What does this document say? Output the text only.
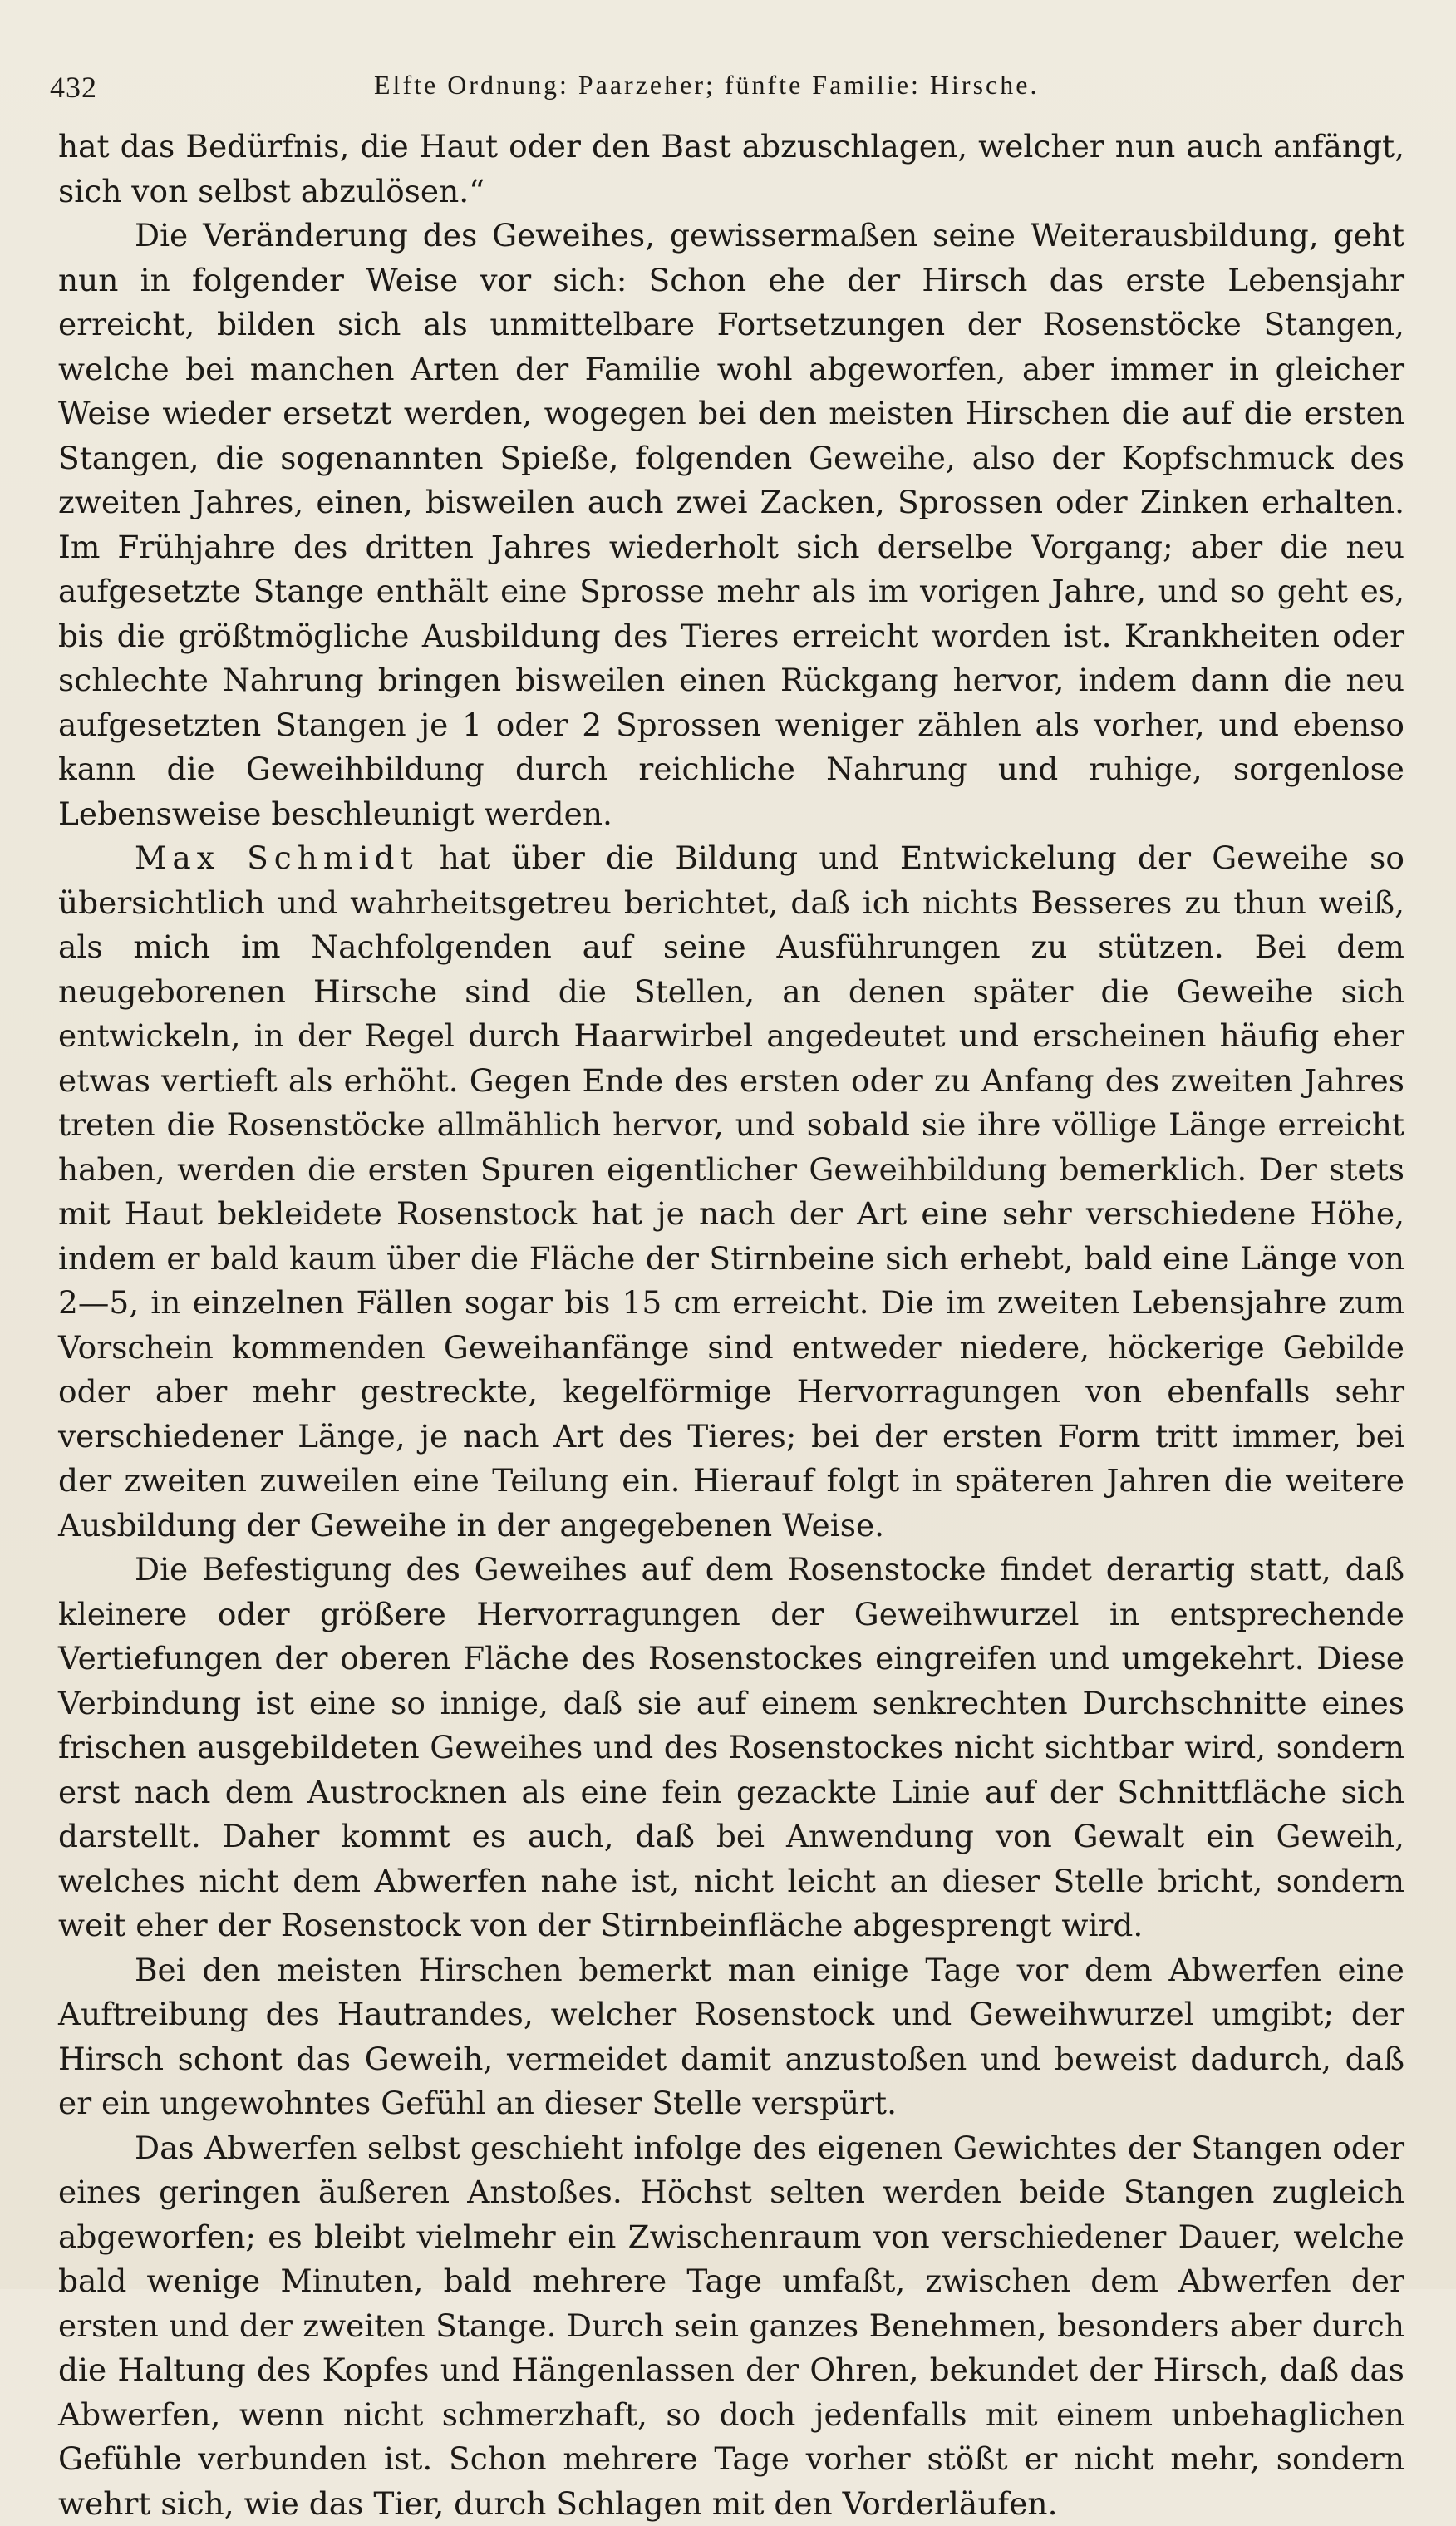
432	Elfte Ordnung: Paarzeher; fünfte Familie: Hirsche.

hat das Bedürfnis, die Haut oder den Bast abzuschlagen, welcher nun auch anfängt, sich von selbst abzulösen.“

Die Veränderung des Geweihes, gewissermaßen seine Weiterausbildung, geht nun in folgender Weise vor sich: Schon ehe der Hirsch das erste Lebensjahr erreicht, bilden sich als unmittelbare Fortsetzungen der Rosenstöcke Stangen, welche bei manchen Arten der Familie wohl abgeworfen, aber immer in gleicher Weise wieder ersetzt werden, wogegen bei den meisten Hirschen die auf die ersten Stangen, die sogenannten Spieße, folgenden Geweihe, also der Kopfschmuck des zweiten Jahres, einen, bisweilen auch zwei Zacken, Sprossen oder Zinken erhalten. Im Frühjahre des dritten Jahres wiederholt sich derselbe Vorgang; aber die neu aufgesetzte Stange enthält eine Sprosse mehr als im vorigen Jahre, und so geht es, bis die größtmögliche Ausbildung des Tieres erreicht worden ist. Krankheiten oder schlechte Nahrung bringen bisweilen einen Rückgang hervor, indem dann die neu aufgesetzten Stangen je 1 oder 2 Sprossen weniger zählen als vorher, und ebenso kann die Geweihbildung durch reichliche Nahrung und ruhige, sorgenlose Lebensweise beschleunigt werden.

Max Schmidt hat über die Bildung und Entwickelung der Geweihe so übersichtlich und wahrheitsgetreu berichtet, daß ich nichts Besseres zu thun weiß, als mich im Nachfolgenden auf seine Ausführungen zu stützen. Bei dem neugeborenen Hirsche sind die Stellen, an denen später die Geweihe sich entwickeln, in der Regel durch Haarwirbel angedeutet und erscheinen häufig eher etwas vertieft als erhöht. Gegen Ende des ersten oder zu Anfang des zweiten Jahres treten die Rosenstöcke allmählich hervor, und sobald sie ihre völlige Länge erreicht haben, werden die ersten Spuren eigentlicher Geweihbildung bemerklich. Der stets mit Haut bekleidete Rosenstock hat je nach der Art eine sehr verschiedene Höhe, indem er bald kaum über die Fläche der Stirnbeine sich erhebt, bald eine Länge von 2—5, in einzelnen Fällen sogar bis 15 cm erreicht. Die im zweiten Lebensjahre zum Vorschein kommenden Geweihanfänge sind entweder niedere, höckerige Gebilde oder aber mehr gestreckte, kegelförmige Hervorragungen von ebenfalls sehr verschiedener Länge, je nach Art des Tieres; bei der ersten Form tritt immer, bei der zweiten zuweilen eine Teilung ein. Hierauf folgt in späteren Jahren die weitere Ausbildung der Geweihe in der angegebenen Weise.

Die Befestigung des Geweihes auf dem Rosenstocke findet derartig statt, daß kleinere oder größere Hervorragungen der Geweihwurzel in entsprechende Vertiefungen der oberen Fläche des Rosenstockes eingreifen und umgekehrt. Diese Verbindung ist eine so innige, daß sie auf einem senkrechten Durchschnitte eines frischen ausgebildeten Geweihes und des Rosenstockes nicht sichtbar wird, sondern erst nach dem Austrocknen als eine fein gezackte Linie auf der Schnittfläche sich darstellt. Daher kommt es auch, daß bei Anwendung von Gewalt ein Geweih, welches nicht dem Abwerfen nahe ist, nicht leicht an dieser Stelle bricht, sondern weit eher der Rosenstock von der Stirnbeinfläche abgesprengt wird.

Bei den meisten Hirschen bemerkt man einige Tage vor dem Abwerfen eine Auftreibung des Hautrandes, welcher Rosenstock und Geweihwurzel umgibt; der Hirsch schont das Geweih, vermeidet damit anzustoßen und beweist dadurch, daß er ein ungewohntes Gefühl an dieser Stelle verspürt.

Das Abwerfen selbst geschieht infolge des eigenen Gewichtes der Stangen oder eines geringen äußeren Anstoßes. Höchst selten werden beide Stangen zugleich abgeworfen; es bleibt vielmehr ein Zwischenraum von verschiedener Dauer, welche bald wenige Minuten, bald mehrere Tage umfaßt, zwischen dem Abwerfen der ersten und der zweiten Stange. Durch sein ganzes Benehmen, besonders aber durch die Haltung des Kopfes und Hängenlassen der Ohren, bekundet der Hirsch, daß das Abwerfen, wenn nicht schmerzhaft, so doch jedenfalls mit einem unbehaglichen Gefühle verbunden ist. Schon mehrere Tage vorher stößt er nicht mehr, sondern wehrt sich, wie das Tier, durch Schlagen mit den Vorderläufen.
